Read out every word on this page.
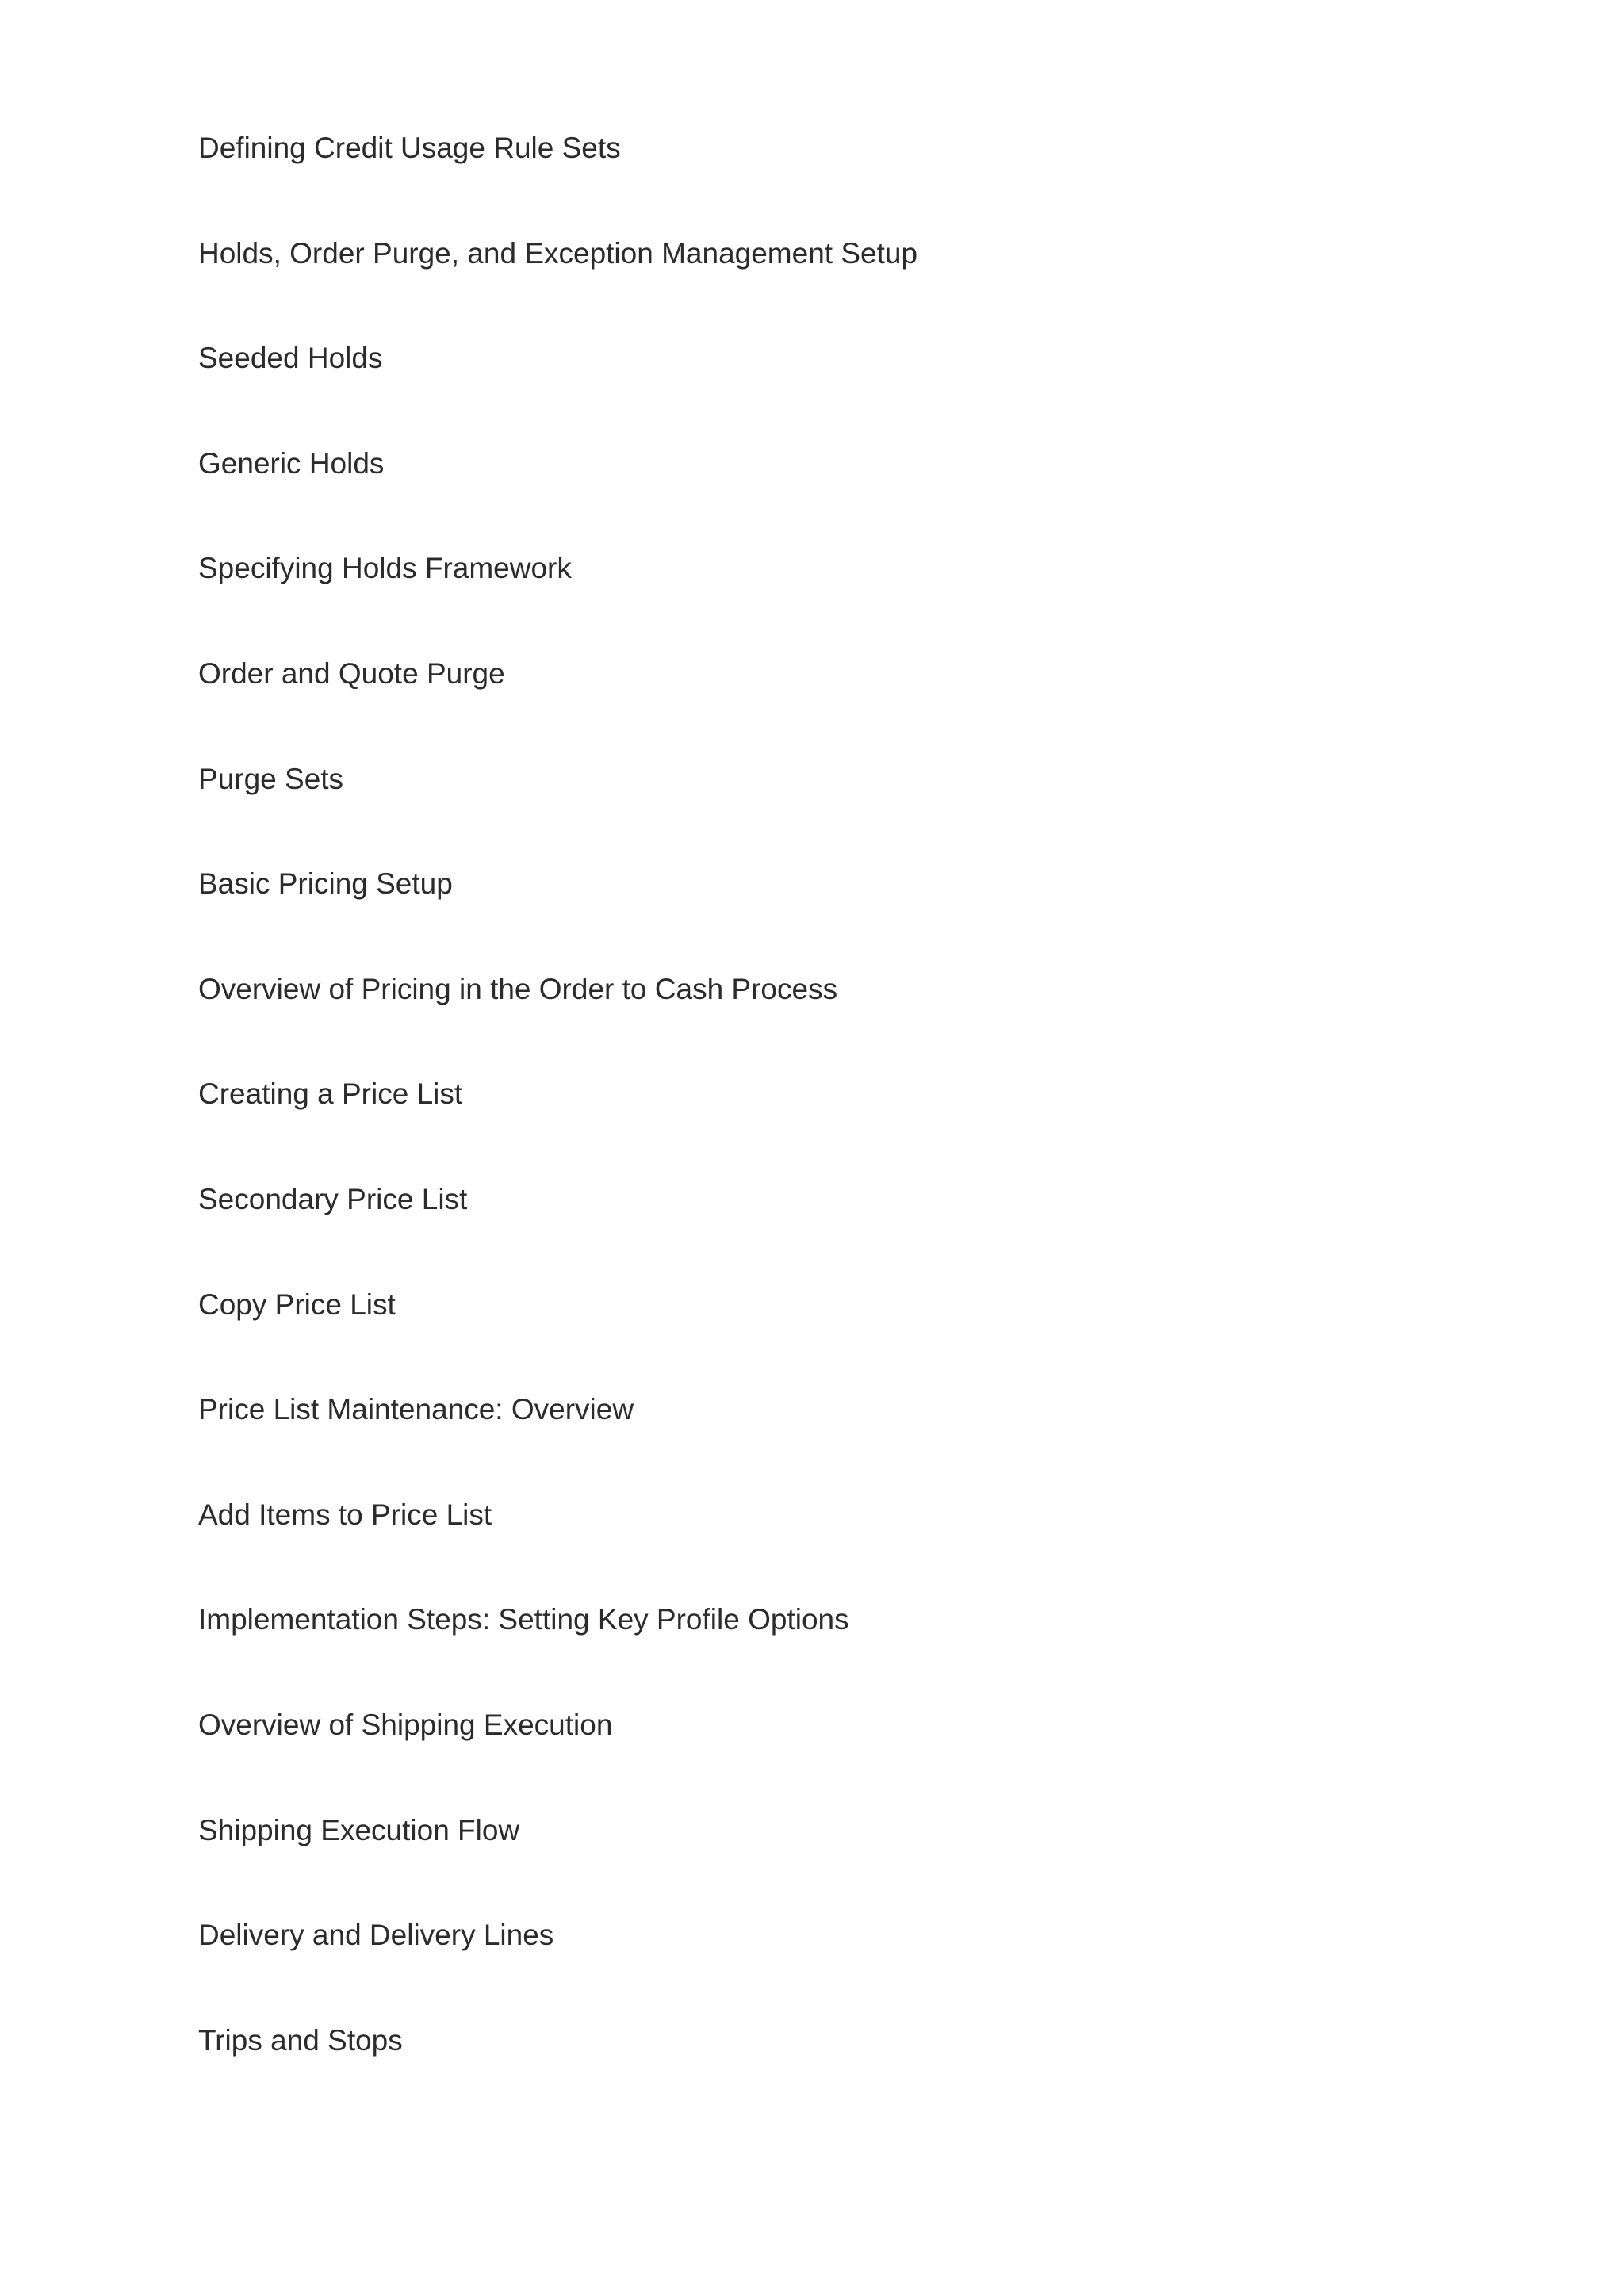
Defining Credit Usage Rule Sets
Holds, Order Purge, and Exception Management Setup
Seeded Holds
Generic Holds
Specifying Holds Framework
Order and Quote Purge
Purge Sets
Basic Pricing Setup
Overview of Pricing in the Order to Cash Process
Creating a Price List
Secondary Price List
Copy Price List
Price List Maintenance: Overview
Add Items to Price List
Implementation Steps: Setting Key Profile Options
Overview of Shipping Execution
Shipping Execution Flow
Delivery and Delivery Lines
Trips and Stops
